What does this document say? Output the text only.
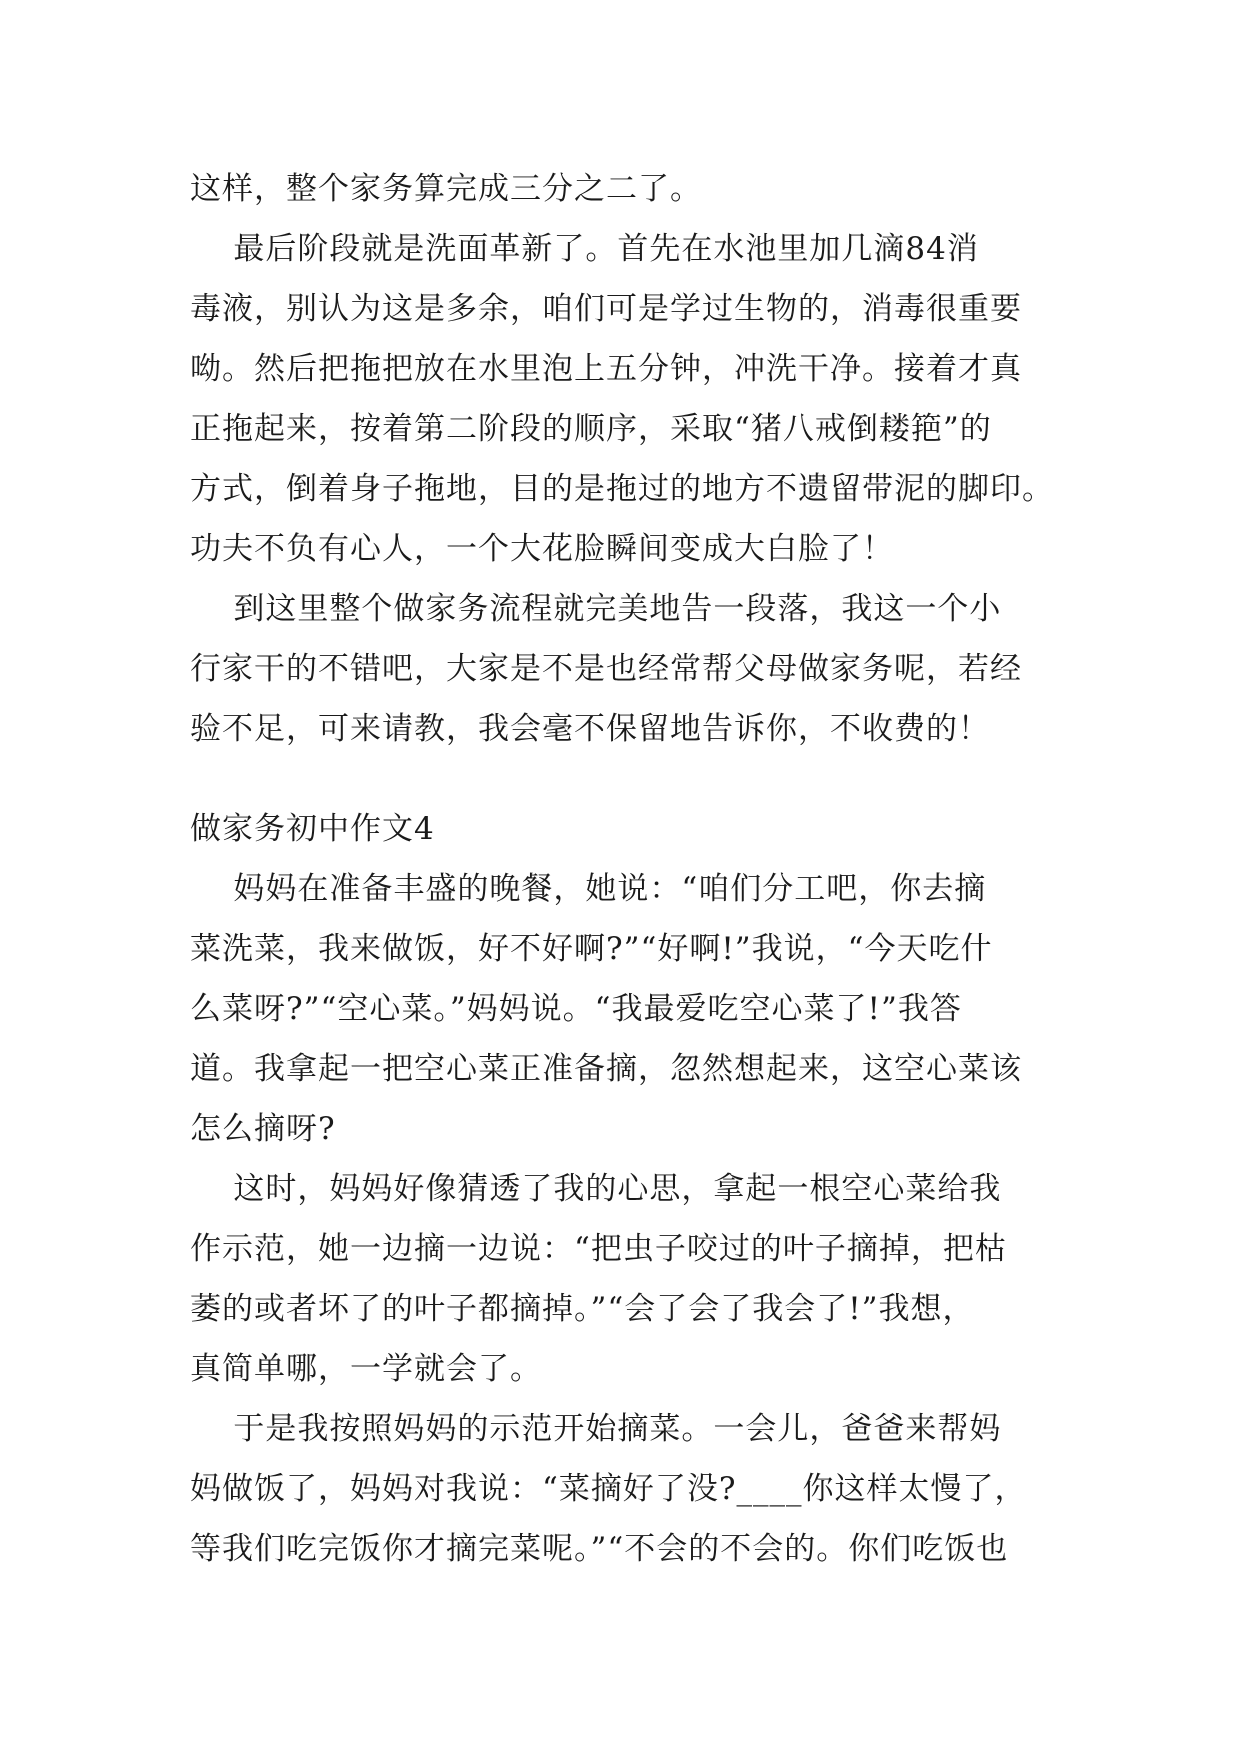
这样，整个家务算完成三分之二了。
最后阶段就是洗面革新了。首先在水池里加几滴84消
毒液，别认为这是多余，咱们可是学过生物的，消毒很重要
呦。然后把拖把放在水里泡上五分钟，冲洗干净。接着才真
正拖起来，按着第二阶段的顺序，采取“猪八戒倒耧筢”的
方式，倒着身子拖地，目的是拖过的地方不遗留带泥的脚印。
功夫不负有心人，一个大花脸瞬间变成大白脸了！
到这里整个做家务流程就完美地告一段落，我这一个小
行家干的不错吧，大家是不是也经常帮父母做家务呢，若经
验不足，可来请教，我会毫不保留地告诉你，不收费的！
做家务初中作文4
妈妈在准备丰盛的晚餐，她说：“咱们分工吧，你去摘
菜洗菜，我来做饭，好不好啊?”“好啊!”我说，“今天吃什
么菜呀?”“空心菜。”妈妈说。“我最爱吃空心菜了!”我答
道。我拿起一把空心菜正准备摘，忽然想起来，这空心菜该
怎么摘呀?
这时，妈妈好像猜透了我的心思，拿起一根空心菜给我
作示范，她一边摘一边说：“把虫子咬过的叶子摘掉，把枯
萎的或者坏了的叶子都摘掉。”“会了会了我会了!”我想，
真简单哪，一学就会了。
于是我按照妈妈的示范开始摘菜。一会儿，爸爸来帮妈
妈做饭了，妈妈对我说：“菜摘好了没?____你这样太慢了，
等我们吃完饭你才摘完菜呢。”“不会的不会的。你们吃饭也
